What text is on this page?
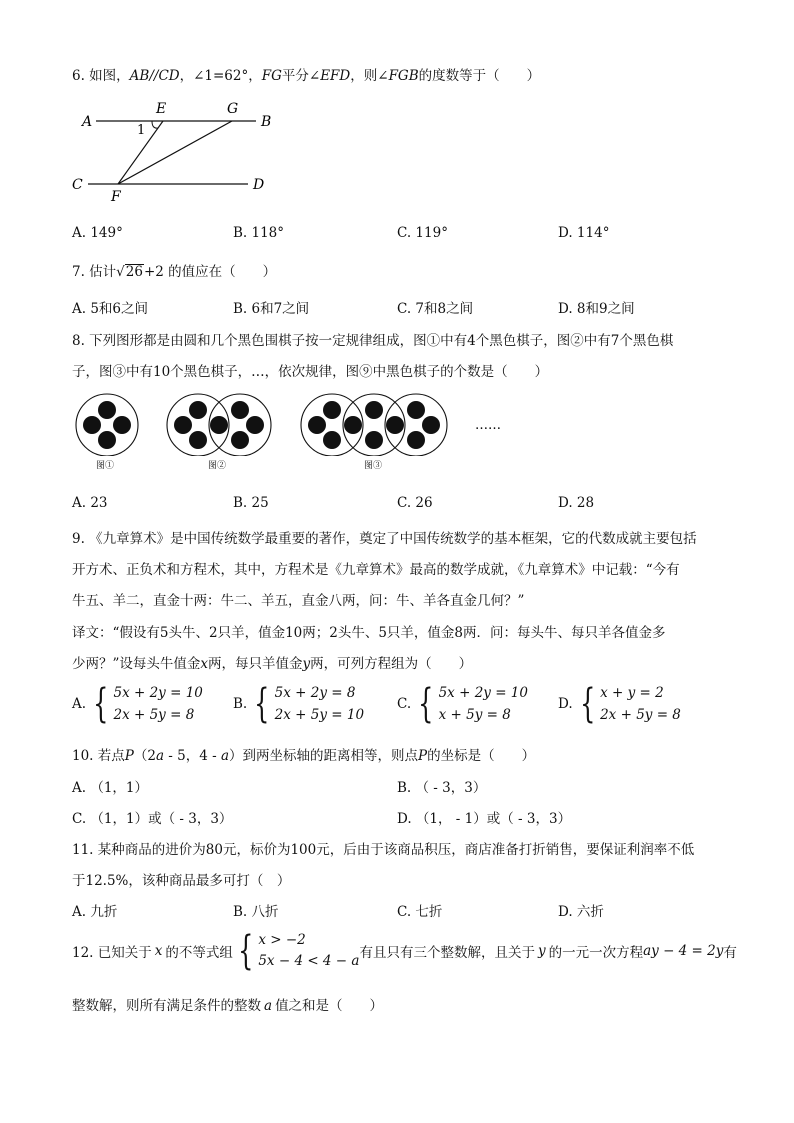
6. 如图，AB//CD，∠1=62°，FG平分∠EFD，则∠FGB的度数等于（　　）
A
E	G
B
1
C	D
F
A. 149°	B. 118°	C. 119°	D. 114°
7. 估计√26+2 的值应在（　　）
A. 5和6之间	B. 6和7之间	C. 7和8之间	D. 8和9之间
8. 下列图形都是由圆和几个黑色围棋子按一定规律组成，图①中有4个黑色棋子，图②中有7个黑色棋
子，图③中有10个黑色棋子，…，依次规律，图⑨中黑色棋子的个数是（　　）
……
图①	图②	图③
A. 23	B. 25	C. 26	D. 28
9. 《九章算术》是中国传统数学最重要的著作，奠定了中国传统数学的基本框架，它的代数成就主要包括
开方术、正负术和方程术，其中，方程术是《九章算术》最高的数学成就，《九章算术》中记载：“今有
牛五、羊二，直金十两：牛二、羊五，直金八两，问：牛、羊各直金几何？”
译文：“假设有5头牛、2只羊，值金10两；2头牛、5只羊，值金8两．问：每头牛、每只羊各值金多
少两？”设每头牛值金x两，每只羊值金y两，可列方程组为（　　）
A. { 5x + 2y = 10
2x + 5y = 8
B. { 5x + 2y = 8
2x + 5y = 10
C. { 5x + 2y = 10
x + 5y = 8
D. { x + y = 2
2x + 5y = 8
10. 若点P（2a - 5，4 - a）到两坐标轴的距离相等，则点P的坐标是（　　）
A. （1，1）	B. （ - 3，3）
C. （1，1）或（ - 3，3）	D. （1， - 1）或（ - 3，3）
11. 某种商品的进价为80元，标价为100元，后由于该商品积压，商店准备打折销售，要保证利润率不低
于12.5%，该种商品最多可打（　）
A. 九折	B. 八折	C. 七折	D. 六折
12. 已知关于 x 的不等式组 { x > −2
5x − 4 < 4 − a 有且只有三个整数解，且关于 y 的一元一次方程 ay − 4 = 2y 有
整数解，则所有满足条件的整数 a 值之和是（　　）
